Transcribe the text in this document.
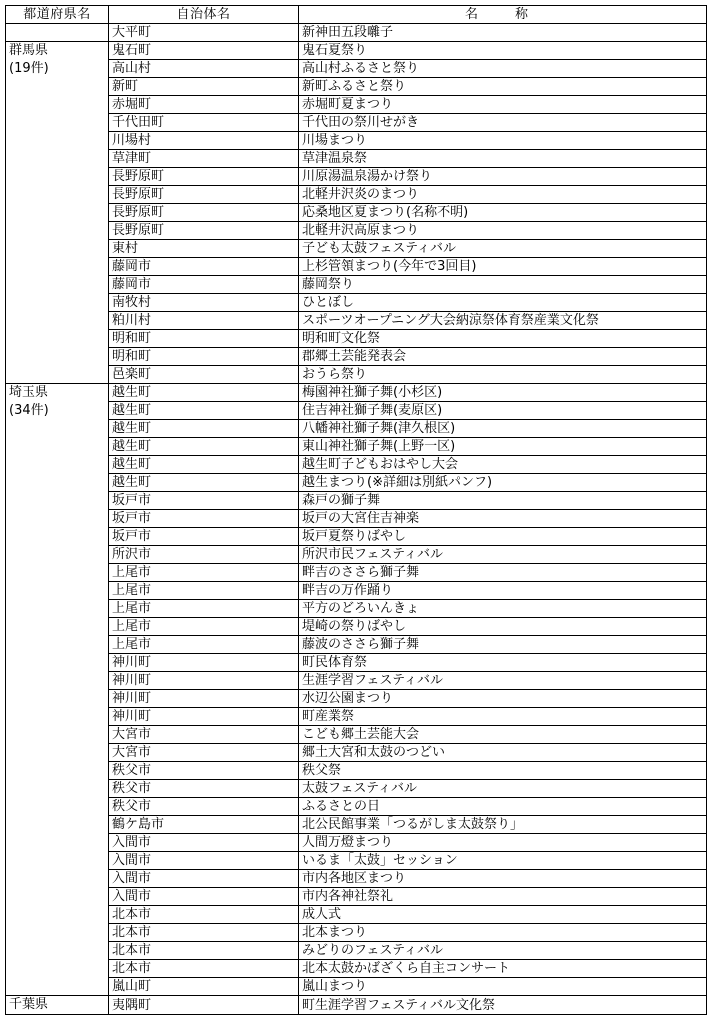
都道府県名	自治体名	名　称

	大平町	新神田五段囃子

群馬県
(19件)	鬼石町	鬼石夏祭り
	高山村	高山村ふるさと祭り
	新町	新町ふるさと祭り
	赤堀町	赤堀町夏まつり
	千代田町	千代田の祭川せがき
	川場村	川場まつり
	草津町	草津温泉祭
	長野原町	川原湯温泉湯かけ祭り
	長野原町	北軽井沢炎のまつり
	長野原町	応桑地区夏まつり(名称不明)
	長野原町	北軽井沢高原まつり
	東村	子ども太鼓フェスティバル
	藤岡市	上杉管領まつり(今年で3回目)
	藤岡市	藤岡祭り
	南牧村	ひとぼし
	粕川村	スポーツオープニング大会納涼祭体育祭産業文化祭
	明和町	明和町文化祭
	明和町	郡郷土芸能発表会
	邑楽町	おうら祭り

埼玉県
(34件)	越生町	梅園神社獅子舞(小杉区)
	越生町	住吉神社獅子舞(麦原区)
	越生町	八幡神社獅子舞(津久根区)
	越生町	東山神社獅子舞(上野一区)
	越生町	越生町子どもおはやし大会
	越生町	越生まつり(※詳細は別紙パンフ)
	坂戸市	森戸の獅子舞
	坂戸市	坂戸の大宮住吉神楽
	坂戸市	坂戸夏祭りばやし
	所沢市	所沢市民フェスティバル
	上尾市	畔吉のささら獅子舞
	上尾市	畔吉の万作踊り
	上尾市	平方のどろいんきょ
	上尾市	堤崎の祭りばやし
	上尾市	藤波のささら獅子舞
	神川町	町民体育祭
	神川町	生涯学習フェスティバル
	神川町	水辺公園まつり
	神川町	町産業祭
	大宮市	こども郷土芸能大会
	大宮市	郷土大宮和太鼓のつどい
	秩父市	秩父祭
	秩父市	太鼓フェスティバル
	秩父市	ふるさとの日
	鶴ケ島市	北公民館事業「つるがしま太鼓祭り」
	入間市	人間万燈まつり
	入間市	いるま「太鼓」セッション
	入間市	市内各地区まつり
	入間市	市内各神社祭礼
	北本市	成人式
	北本市	北本まつり
	北本市	みどりのフェスティバル
	北本市	北本太鼓かばざくら自主コンサート
	嵐山町	嵐山まつり

千葉県	夷隅町	町生涯学習フェスティバル文化祭
